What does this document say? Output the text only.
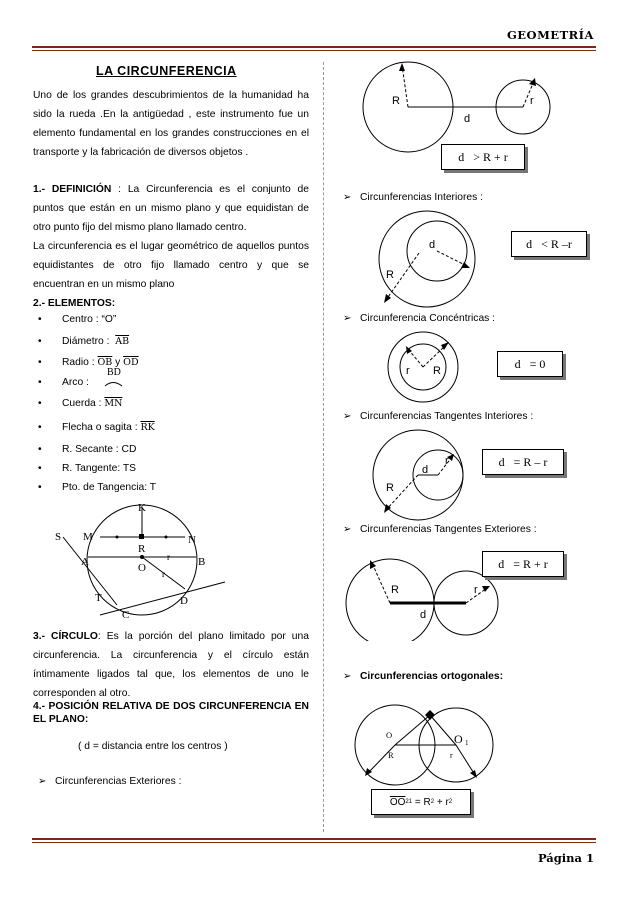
GEOMETRÍA
Página 1
LA CIRCUNFERENCIA

Uno de los grandes descubrimientos de la humanidad ha sido la rueda .En la antigüedad , este instrumento fue un elemento fundamental en los grandes construcciones en el transporte y la fabricación de diversos objetos .

1.- DEFINICIÓN : La Circunferencia es el conjunto de puntos que están en un mismo plano y que equidistan de otro punto fijo del mismo plano llamado centro.

La circunferencia es el lugar geométrico de aquellos puntos equidistantes de otro fijo llamado centro y que se encuentran en un mismo plano

2.- ELEMENTOS:
• Centro : “O”
• Diámetro : $\overline{AB}$
• Radio : $\overline{OB}$ y $\overline{OD}$
• Arco :
BD
• Cuerda : $\overline{MN}$
• Flecha o sagita : $\overline{RK}$
• R. Secante : CD
• R. Tangente: TS
• Pto. de Tangencia: T
K
S M	N
R
r
A	O r
B
T	D
C

3.- CÍRCULO: Es la porción del plano limitado por una circunferencia. La circunferencia y el círculo están íntimamente ligados tal que, los elementos de uno le corresponden al otro.

4.- POSICIÓN RELATIVA DE DOS CIRCUNFERENCIA EN EL PLANO:
( d = distancia entre los centros )
➢ Circunferencias Exteriores :
R	r
d
d   > R + r
➢ Circunferencias Interiores :
d
R
d   < R –r
➢ Circunferencia Concéntricas :
r R
d   = 0
➢ Circunferencias Tangentes Interiores :
d
r
R
d   = R – r
➢ Circunferencias Tangentes Exteriores :
R	r
d
d   = R + r
➢ Circunferencias ortogonales:
O	O 1
R	r
$\overline{OO}$ 2 1
= R 2 + r 2
